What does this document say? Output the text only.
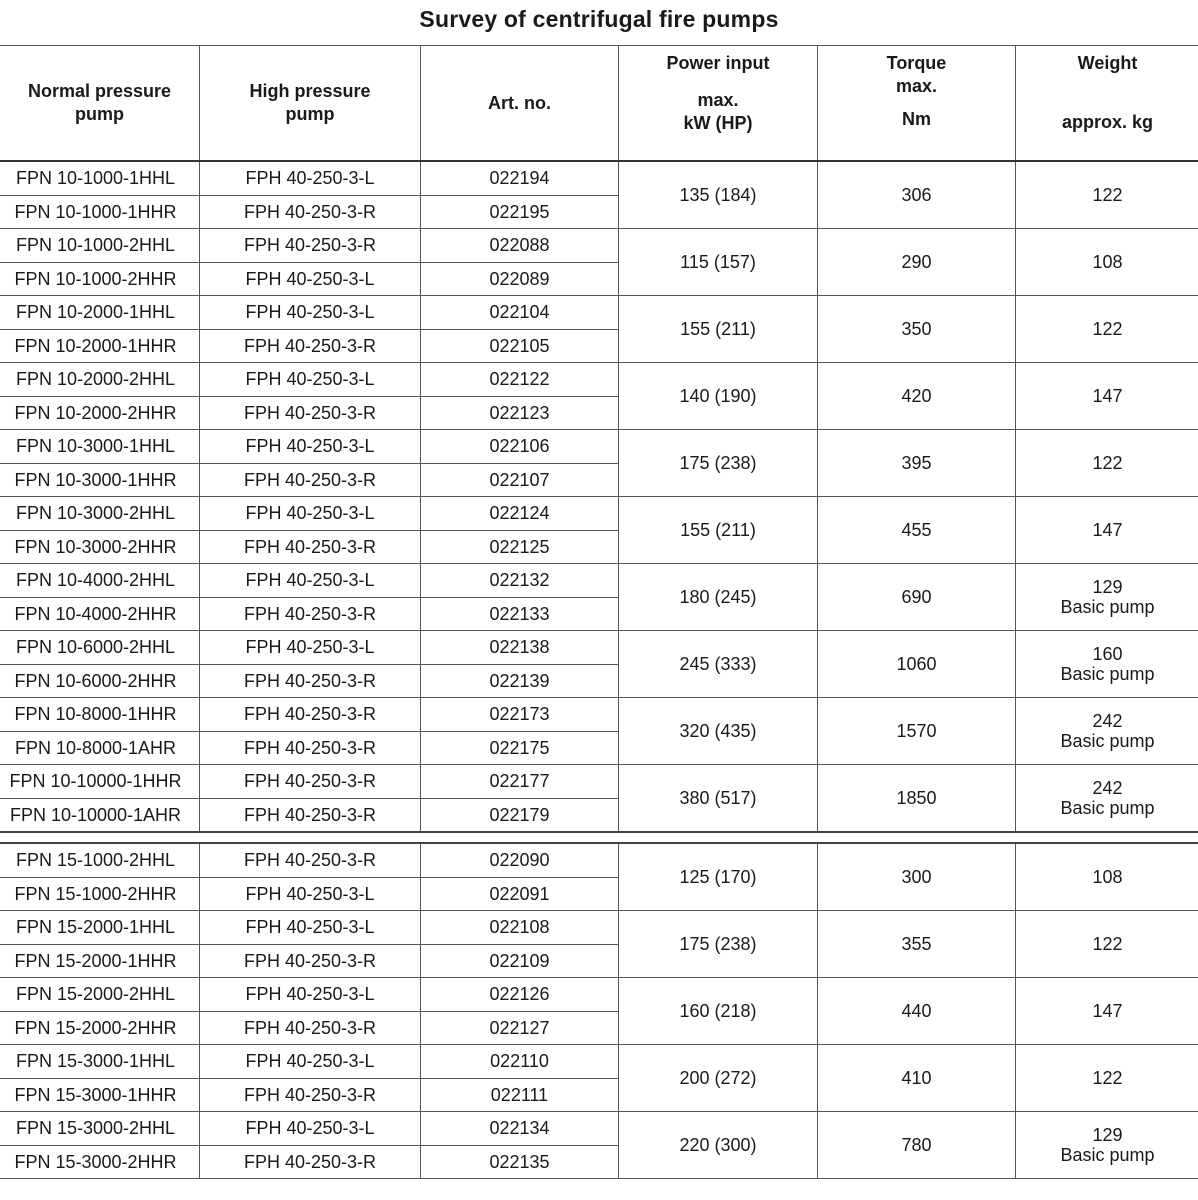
Survey of centrifugal fire pumps
Normal pressure
pump	High pressure
pump	Art. no.	Power input
max.
kW (HP)	Torque
max.
Nm	Weight
approx. kg

FPN 10-1000-1HHL	FPH 40-250-3-L	022194	135 (184)	306	122
FPN 10-1000-1HHR	FPH 40-250-3-R	022195			
FPN 10-1000-2HHL	FPH 40-250-3-R	022088	115 (157)	290	108
FPN 10-1000-2HHR	FPH 40-250-3-L	022089			
FPN 10-2000-1HHL	FPH 40-250-3-L	022104	155 (211)	350	122
FPN 10-2000-1HHR	FPH 40-250-3-R	022105			
FPN 10-2000-2HHL	FPH 40-250-3-L	022122	140 (190)	420	147
FPN 10-2000-2HHR	FPH 40-250-3-R	022123			
FPN 10-3000-1HHL	FPH 40-250-3-L	022106	175 (238)	395	122
FPN 10-3000-1HHR	FPH 40-250-3-R	022107			
FPN 10-3000-2HHL	FPH 40-250-3-L	022124	155 (211)	455	147
FPN 10-3000-2HHR	FPH 40-250-3-R	022125			
FPN 10-4000-2HHL	FPH 40-250-3-L	022132	180 (245)	690	129
Basic pump
FPN 10-4000-2HHR	FPH 40-250-3-R	022133			
FPN 10-6000-2HHL	FPH 40-250-3-L	022138	245 (333)	1060	160
Basic pump
FPN 10-6000-2HHR	FPH 40-250-3-R	022139			
FPN 10-8000-1HHR	FPH 40-250-3-R	022173	320 (435)	1570	242
Basic pump
FPN 10-8000-1AHR	FPH 40-250-3-R	022175			
FPN 10-10000-1HHR	FPH 40-250-3-R	022177	380 (517)	1850	242
Basic pump
FPN 10-10000-1AHR	FPH 40-250-3-R	022179			

FPN 15-1000-2HHL	FPH 40-250-3-R	022090	125 (170)	300	108
FPN 15-1000-2HHR	FPH 40-250-3-L	022091			
FPN 15-2000-1HHL	FPH 40-250-3-L	022108	175 (238)	355	122
FPN 15-2000-1HHR	FPH 40-250-3-R	022109			
FPN 15-2000-2HHL	FPH 40-250-3-L	022126	160 (218)	440	147
FPN 15-2000-2HHR	FPH 40-250-3-R	022127			
FPN 15-3000-1HHL	FPH 40-250-3-L	022110	200 (272)	410	122
FPN 15-3000-1HHR	FPH 40-250-3-R	022111			
FPN 15-3000-2HHL	FPH 40-250-3-L	022134	220 (300)	780	129
Basic pump
FPN 15-3000-2HHR	FPH 40-250-3-R	022135			
